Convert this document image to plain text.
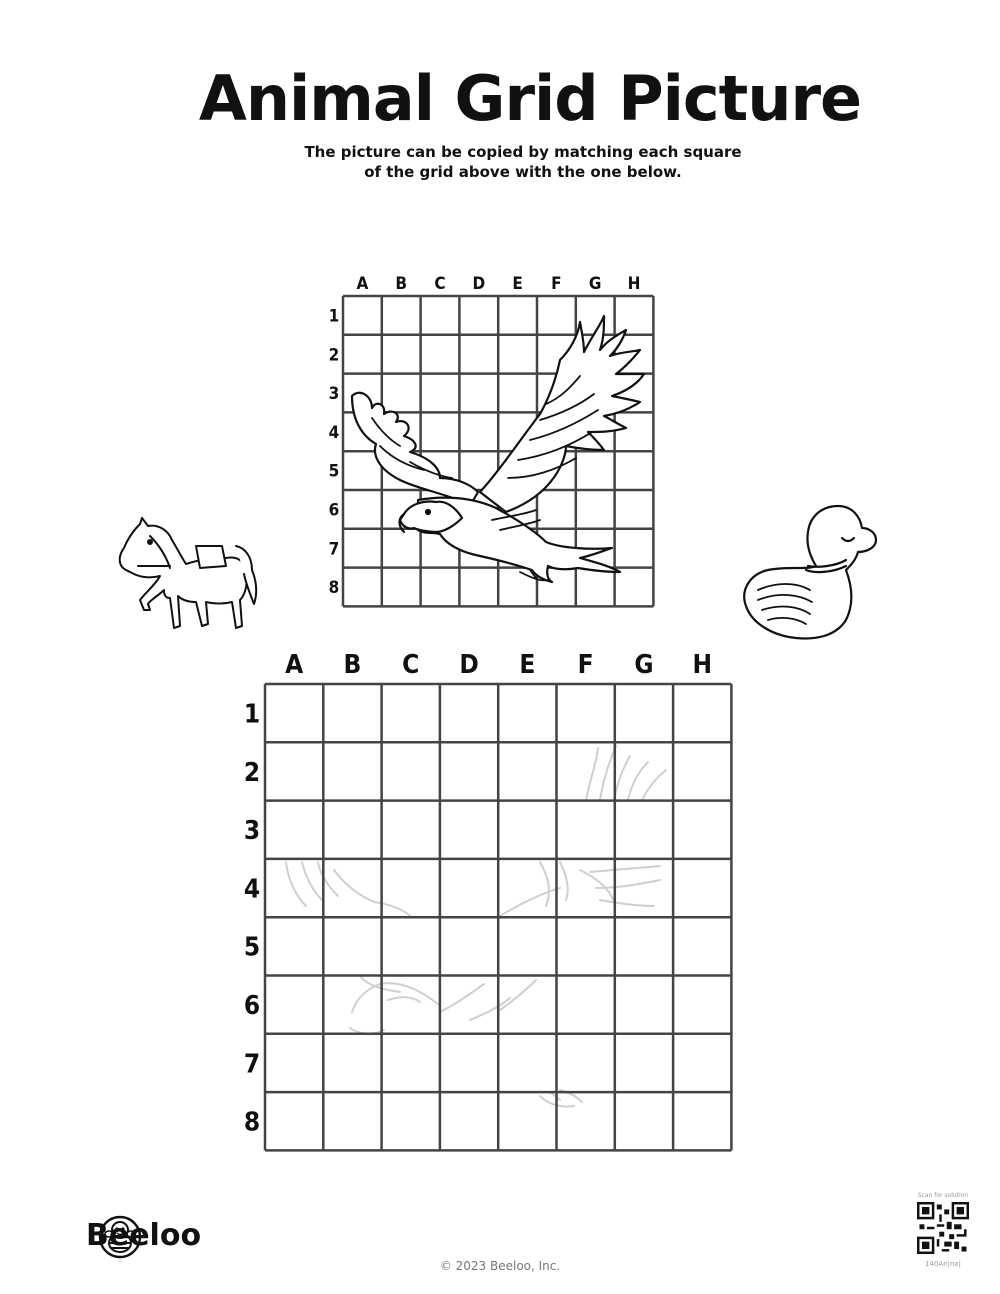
Animal Grid Picture
The picture can be copied by matching each square
of the grid above with the one below.
A B C D E F G H
1
2
3
4
5
6
7
8
A B C D E F G H
1
2
3
4
5
6
7
8
Beeloo
© 2023 Beeloo, Inc.
Scan for solution
140An|nx|
